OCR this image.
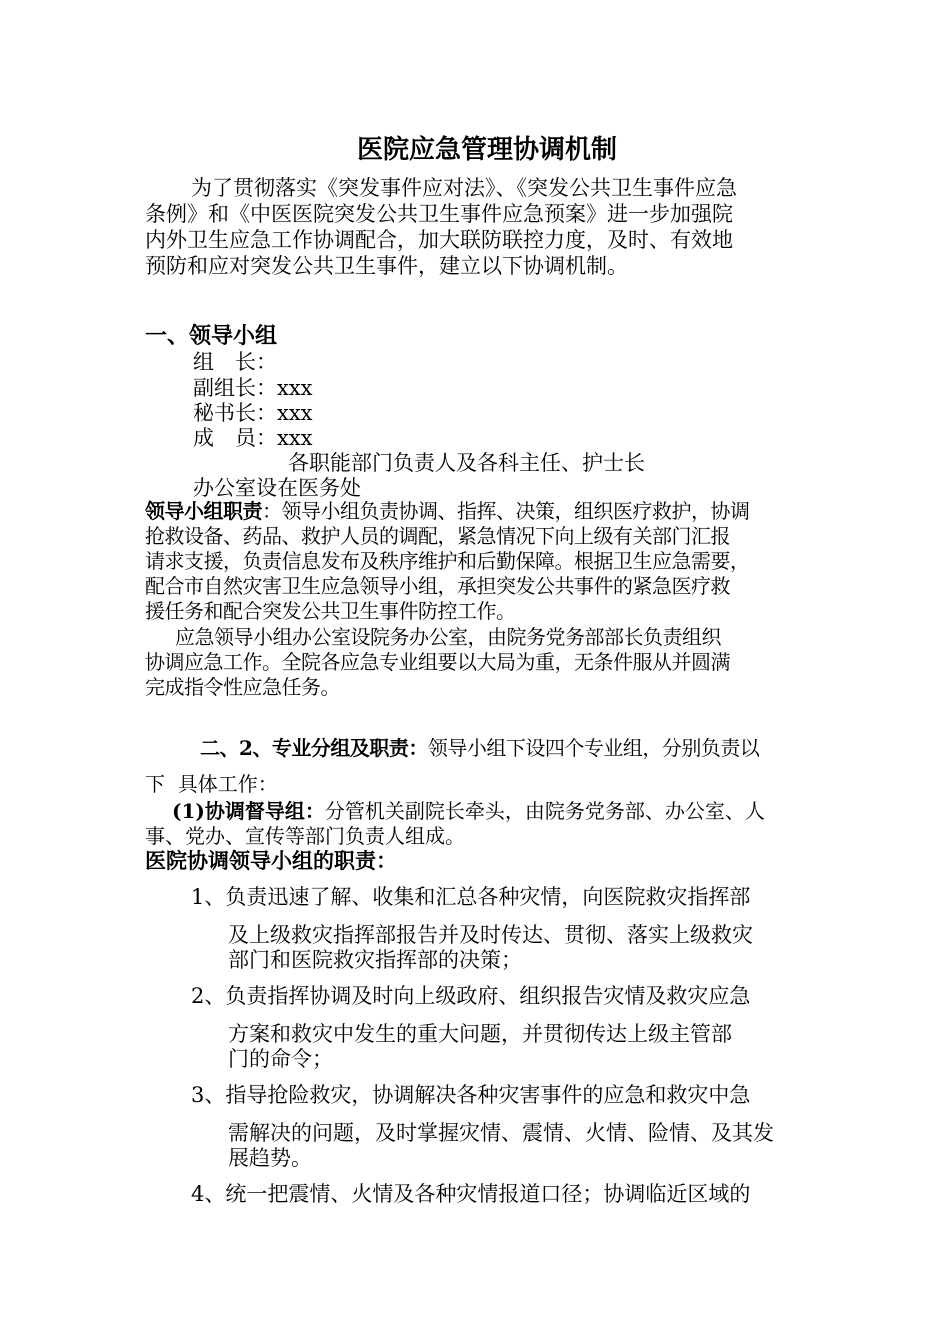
医院应急管理协调机制
为了贯彻落实《突发事件应对法》、《突发公共卫生事件应急
条例》和《中医医院突发公共卫生事件应急预案》进一步加强院
内外卫生应急工作协调配合，加大联防联控力度，及时、有效地
预防和应对突发公共卫生事件，建立以下协调机制。
一、领导小组
组　长：
副组长：xxx
秘书长：xxx
成　员：xxx
各职能部门负责人及各科主任、护士长
办公室设在医务处
领导小组职责：领导小组负责协调、指挥、决策，组织医疗救护，协调
抢救设备、药品、救护人员的调配，紧急情况下向上级有关部门汇报
请求支援，负责信息发布及秩序维护和后勤保障。根据卫生应急需要，
配合市自然灾害卫生应急领导小组，承担突发公共事件的紧急医疗救
援任务和配合突发公共卫生事件防控工作。
应急领导小组办公室设院务办公室，由院务党务部部长负责组织
协调应急工作。全院各应急专业组要以大局为重，无条件服从并圆满
完成指令性应急任务。
二、2、专业分组及职责：领导小组下设四个专业组，分别负责以
下  具体工作：
(1)协调督导组：分管机关副院长牵头，由院务党务部、办公室、人
事、党办、宣传等部门负责人组成。
医院协调领导小组的职责：
1、负责迅速了解、收集和汇总各种灾情，向医院救灾指挥部
及上级救灾指挥部报告并及时传达、贯彻、落实上级救灾
部门和医院救灾指挥部的决策；
2、负责指挥协调及时向上级政府、组织报告灾情及救灾应急
方案和救灾中发生的重大问题，并贯彻传达上级主管部
门的命令；
3、指导抢险救灾，协调解决各种灾害事件的应急和救灾中急
需解决的问题，及时掌握灾情、震情、火情、险情、及其发
展趋势。
4、统一把震情、火情及各种灾情报道口径；协调临近区域的
